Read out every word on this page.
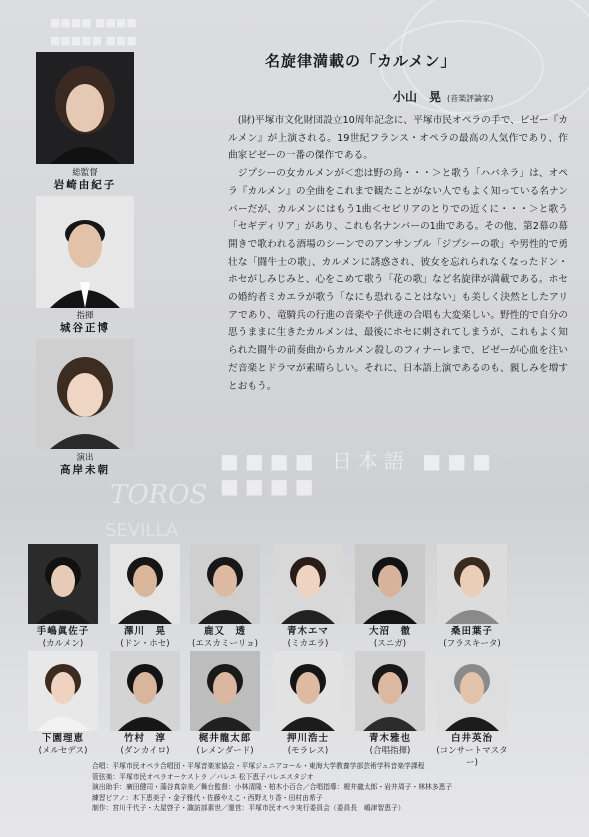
■■■■ ■■■■
■■■■■ ■■■

■■■■ 日本語 ■■■ ■■■■
TOROS
SEVILLA
総監督
岩崎由紀子
指揮
城谷正博
演出
高岸未朝
名旋律満載の「カルメン」
小山　晃 (音楽評論家)

(財)平塚市文化財団設立10周年記念に、平塚市民オペラの手で、ビゼー『カルメン』が上演される。19世紀フランス・オペラの最高の人気作であり、作曲家ビゼーの一番の傑作である。

ジプシーの女カルメンが＜恋は野の鳥・・・＞と歌う「ハバネラ」は、オペラ『カルメン』の全曲をこれまで観たことがない人でもよく知っている名ナンバーだが、カルメンにはもう1曲＜セビリアのとりでの近くに・・・＞と歌う「セギディリア」があり、これも名ナンバーの1曲である。その他、第2幕の幕開きで歌われる酒場のシーンでのアンサンブル「ジプシーの歌」や男性的で勇壮な「闘牛士の歌」、カルメンに誘惑され、彼女を忘れられなくなったドン・ホセがしみじみと、心をこめて歌う「花の歌」など名旋律が満載である。ホセの婚約者ミカエラが歌う「なにも恐れることはない」も美しく決然としたアリアであり、竜騎兵の行進の音楽や子供達の合唱も大変楽しい。野性的で自分の思うままに生きたカルメンは、最後にホセに刺されてしまうが、これもよく知られた闘牛の前奏曲からカルメン殺しのフィナーレまで、ビゼーが心血を注いだ音楽とドラマが素晴らしい。それに、日本語上演であるのも、親しみを増すとおもう。

手嶋眞佐子
(カルメン)
澤川　晃
(ドン・ホセ)
鹿又　透
(エスカミーリョ)
青木エマ
(ミカエラ)
大沼　徹
(スニガ)
桑田葉子
(フラスキータ)
下園理恵
(メルセデス)
竹村　淳
(ダンカイロ)
梶井龍太郎
(レメンダード)
押川浩士
(モラレス)
青木雅也
(合唱指揮)
白井英治
(コンサートマスター)
合唱：平塚市民オペラ合唱団・平塚音楽家協会・平塚ジュニアコール・東海大学教養学部芸術学科音楽学課程
管弦楽：平塚市民オペラオーケストラ ／バレエ 松下恵子バレエスタジオ
演出助手：廣田健司・藻谷真奈美／舞台監督：小林清隆・柏木小百合／合唱指導：梶井龍太郎・岩井周子・林林多恵子
練習ピアノ：木下恵美子・金子雅代・佐藤やえこ・西野えり香・田村由希子
制作：宮川千代子・大屋啓子・諏訪部素世／運営：平塚市民オペラ実行委員会（委員長　嶋津智恵子）
